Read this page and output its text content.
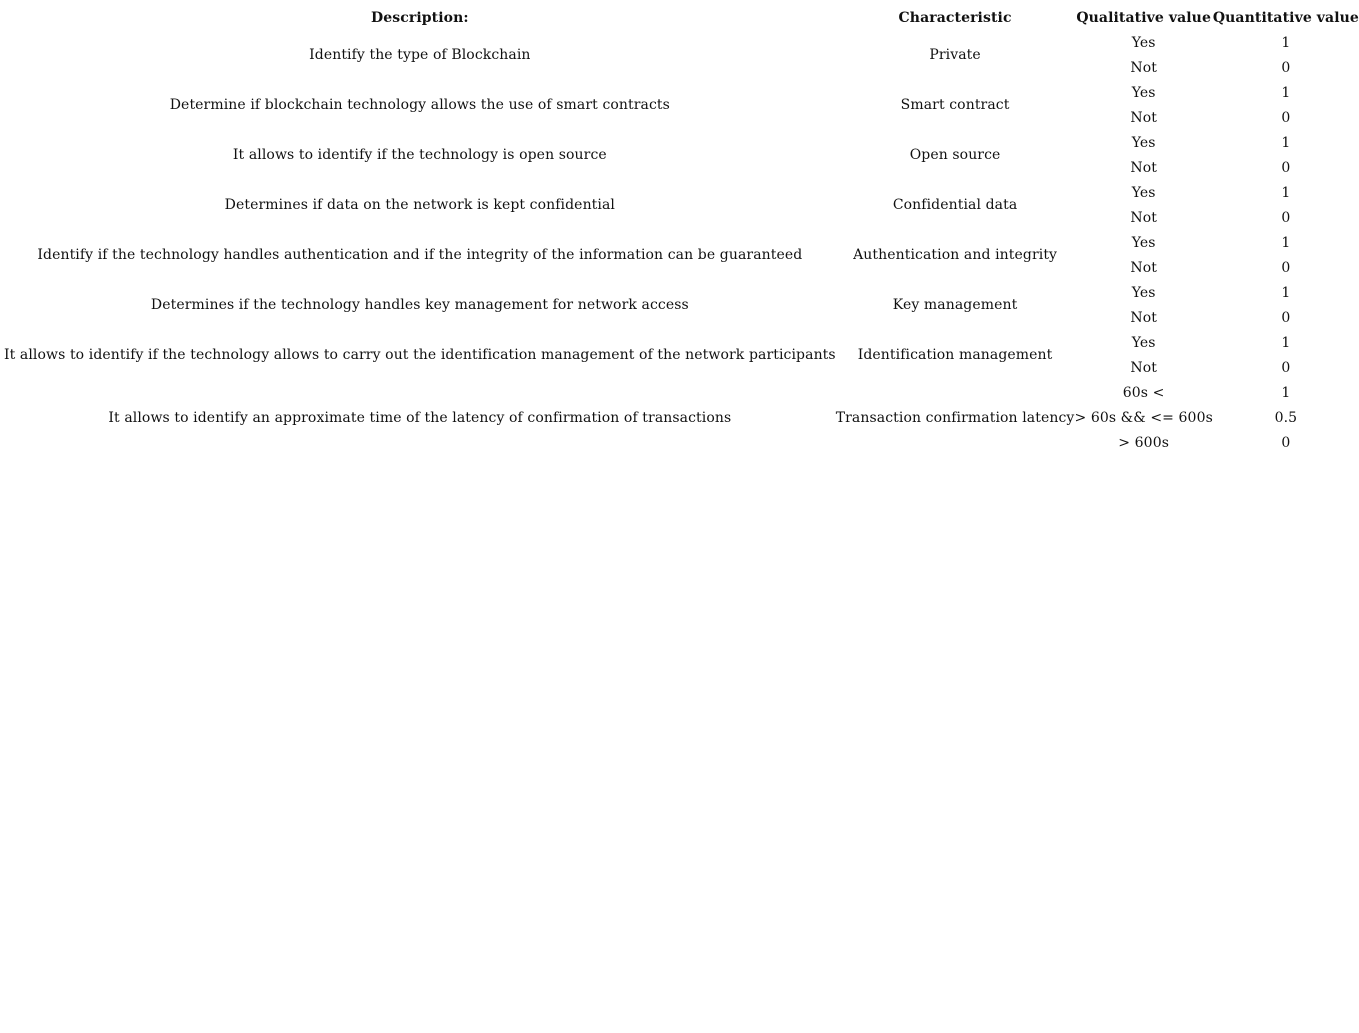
Description:	Characteristic	Qualitative value	Quantitative value
Identify the type of Blockchain	Private	Yes	1
		Not	0
Determine if blockchain technology allows the use of smart contracts	Smart contract	Yes	1
		Not	0
It allows to identify if the technology is open source	Open source	Yes	1
		Not	0
Determines if data on the network is kept confidential	Confidential data	Yes	1
		Not	0
Identify if the technology handles authentication and if the integrity of the information can be guaranteed	Authentication and integrity	Yes	1
		Not	0
Determines if the technology handles key management for network access	Key management	Yes	1
		Not	0
It allows to identify if the technology allows to carry out the identification management of the network participants	Identification management	Yes	1
		Not	0
It allows to identify an approximate time of the latency of confirmation of transactions	Transaction confirmation latency	60s <	1
		> 60s && <= 600s	0.5
		> 600s	0
